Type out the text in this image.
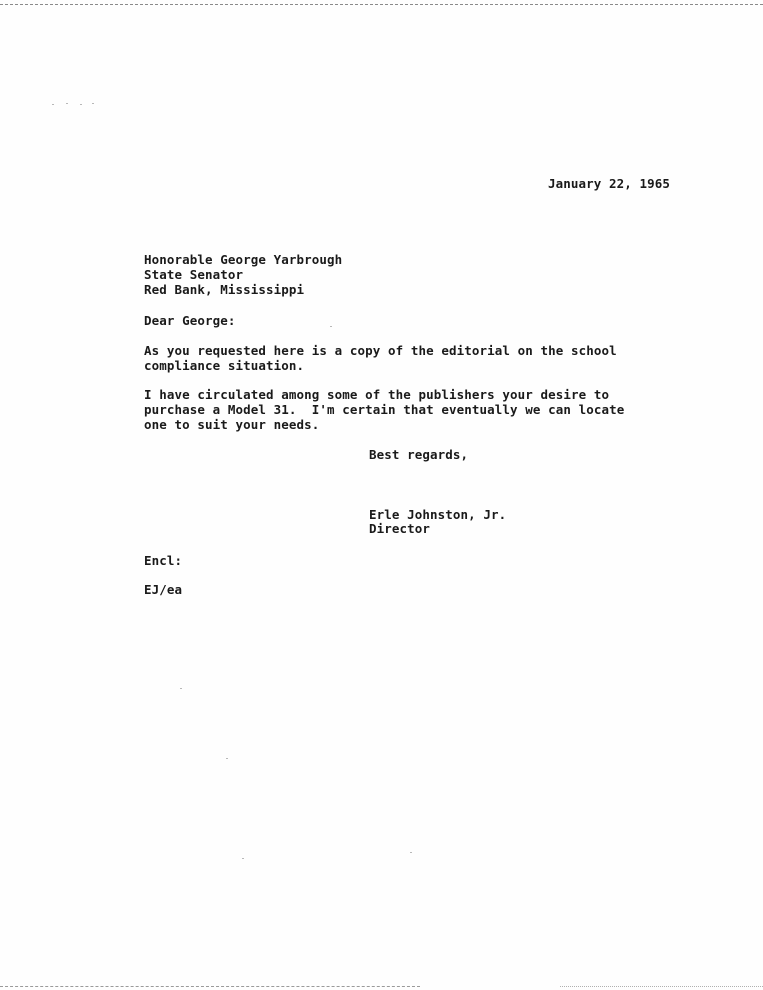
January 22, 1965
Honorable George Yarbrough
State Senator
Red Bank, Mississippi
Dear George:
As you requested here is a copy of the editorial on the school
compliance situation.
I have circulated among some of the publishers your desire to
purchase a Model 31.  I'm certain that eventually we can locate
one to suit your needs.
Best regards,
Erle Johnston, Jr.
Director
Encl:
EJ/ea
